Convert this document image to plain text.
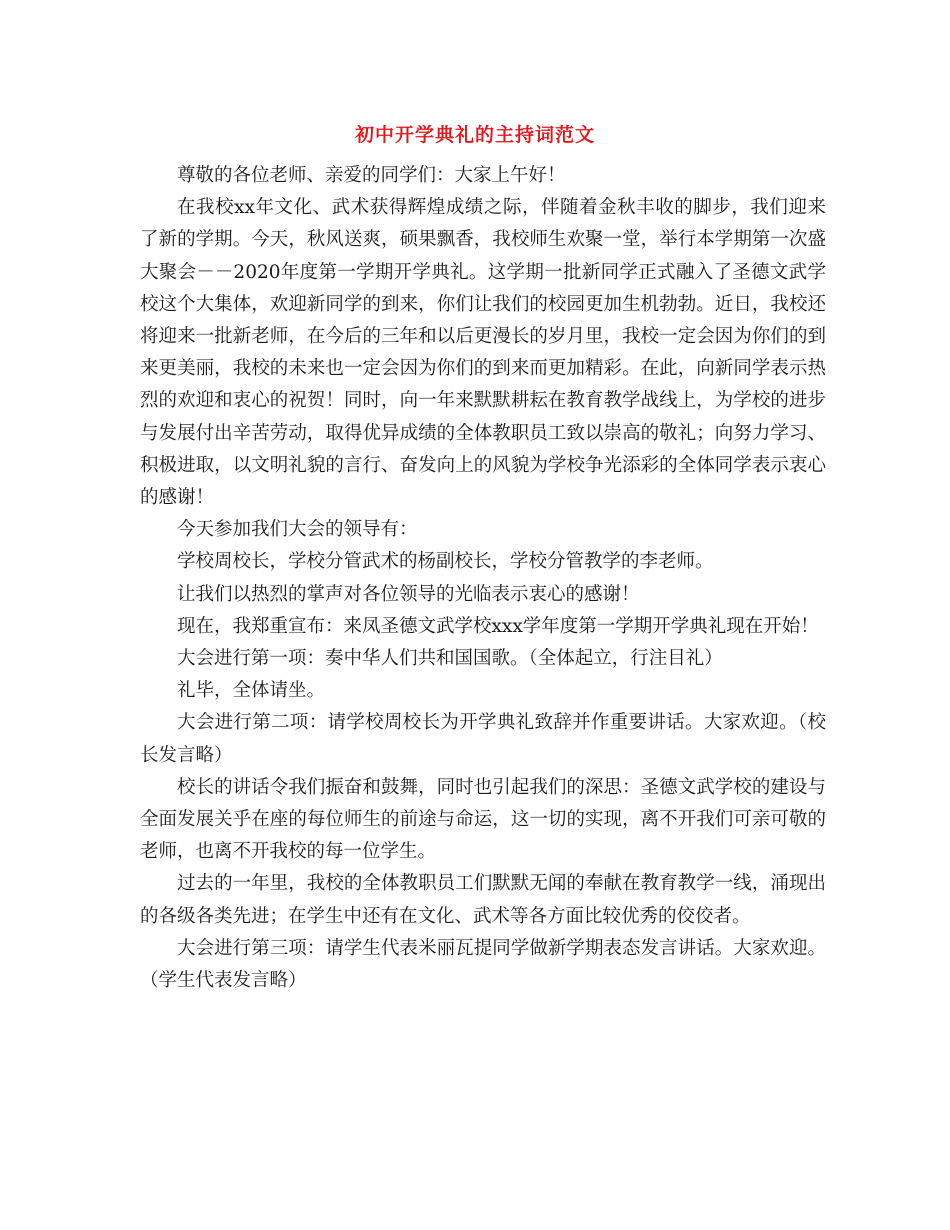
初中开学典礼的主持词范文

尊敬的各位老师、亲爱的同学们：大家上午好！

在我校xx年文化、武术获得辉煌成绩之际，伴随着金秋丰收的脚步，我们迎来了新的学期。今天，秋风送爽，硕果飘香，我校师生欢聚一堂，举行本学期第一次盛大聚会－－2020年度第一学期开学典礼。这学期一批新同学正式融入了圣德文武学校这个大集体，欢迎新同学的到来，你们让我们的校园更加生机勃勃。近日，我校还将迎来一批新老师，在今后的三年和以后更漫长的岁月里，我校一定会因为你们的到来更美丽，我校的未来也一定会因为你们的到来而更加精彩。在此，向新同学表示热烈的欢迎和衷心的祝贺！同时，向一年来默默耕耘在教育教学战线上，为学校的进步与发展付出辛苦劳动，取得优异成绩的全体教职员工致以崇高的敬礼；向努力学习、积极进取，以文明礼貌的言行、奋发向上的风貌为学校争光添彩的全体同学表示衷心的感谢！

今天参加我们大会的领导有：

学校周校长，学校分管武术的杨副校长，学校分管教学的李老师。

让我们以热烈的掌声对各位领导的光临表示衷心的感谢！

现在，我郑重宣布：来凤圣德文武学校xxx学年度第一学期开学典礼现在开始！

大会进行第一项：奏中华人们共和国国歌。（全体起立，行注目礼）

礼毕，全体请坐。

大会进行第二项：请学校周校长为开学典礼致辞并作重要讲话。大家欢迎。（校长发言略）

校长的讲话令我们振奋和鼓舞，同时也引起我们的深思：圣德文武学校的建设与全面发展关乎在座的每位师生的前途与命运，这一切的实现，离不开我们可亲可敬的老师，也离不开我校的每一位学生。

过去的一年里，我校的全体教职员工们默默无闻的奉献在教育教学一线，涌现出的各级各类先进；在学生中还有在文化、武术等各方面比较优秀的佼佼者。

大会进行第三项：请学生代表米丽瓦提同学做新学期表态发言讲话。大家欢迎。（学生代表发言略）
